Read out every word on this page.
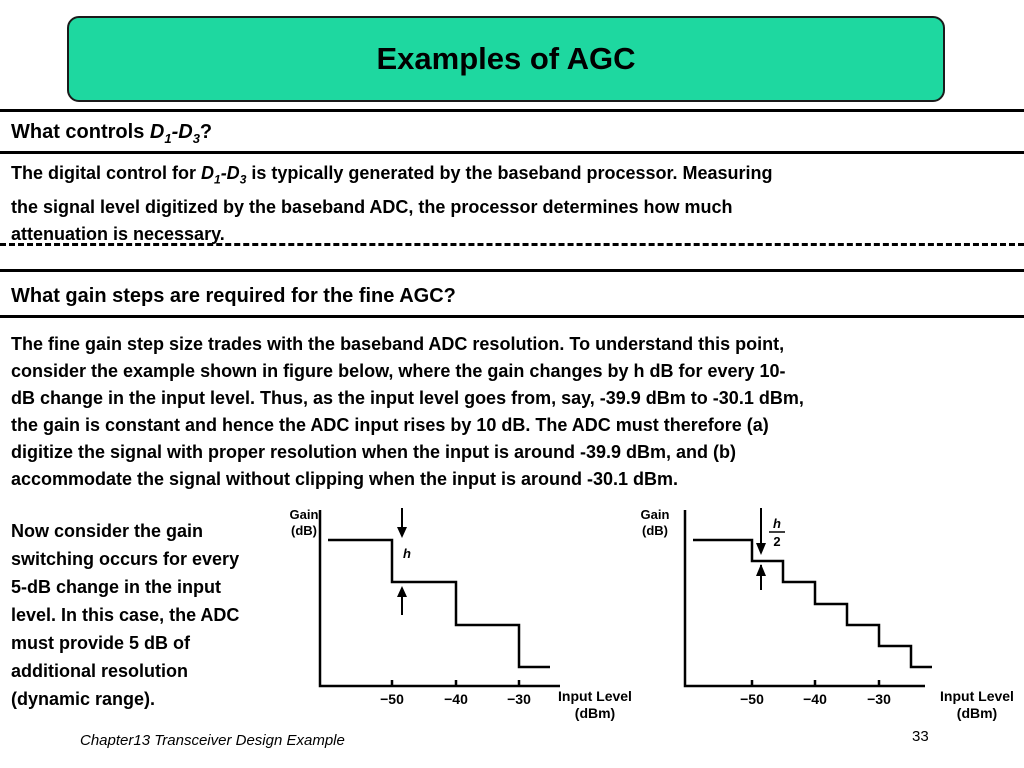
Examples of AGC
What controls $D_1-D_3$?
The digital control for $D_1-D_3$ is typically generated by the baseband processor. Measuring
the signal level digitized by the baseband ADC, the processor determines how much
attenuation is necessary.
What gain steps are required for the fine AGC?
The fine gain step size trades with the baseband ADC resolution. To understand this point,
consider the example shown in figure below, where the gain changes by h dB for every 10-
dB change in the input level. Thus, as the input level goes from, say, -39.9 dBm to -30.1 dBm,
the gain is constant and hence the ADC input rises by 10 dB. The ADC must therefore (a)
digitize the signal with proper resolution when the input is around -39.9 dBm, and (b)
accommodate the signal without clipping when the input is around -30.1 dBm.
Now consider the gain
switching occurs for every
5-dB change in the input
level. In this case, the ADC
must provide 5 dB of
additional resolution
(dynamic range).
Gain
(dB)
h
−50	−40	−30 Input Level
(dBm)
Gain
(dB)	h
2
−50	−40	−30	Input Level
(dBm)
Chapter13 Transceiver Design Example	33
